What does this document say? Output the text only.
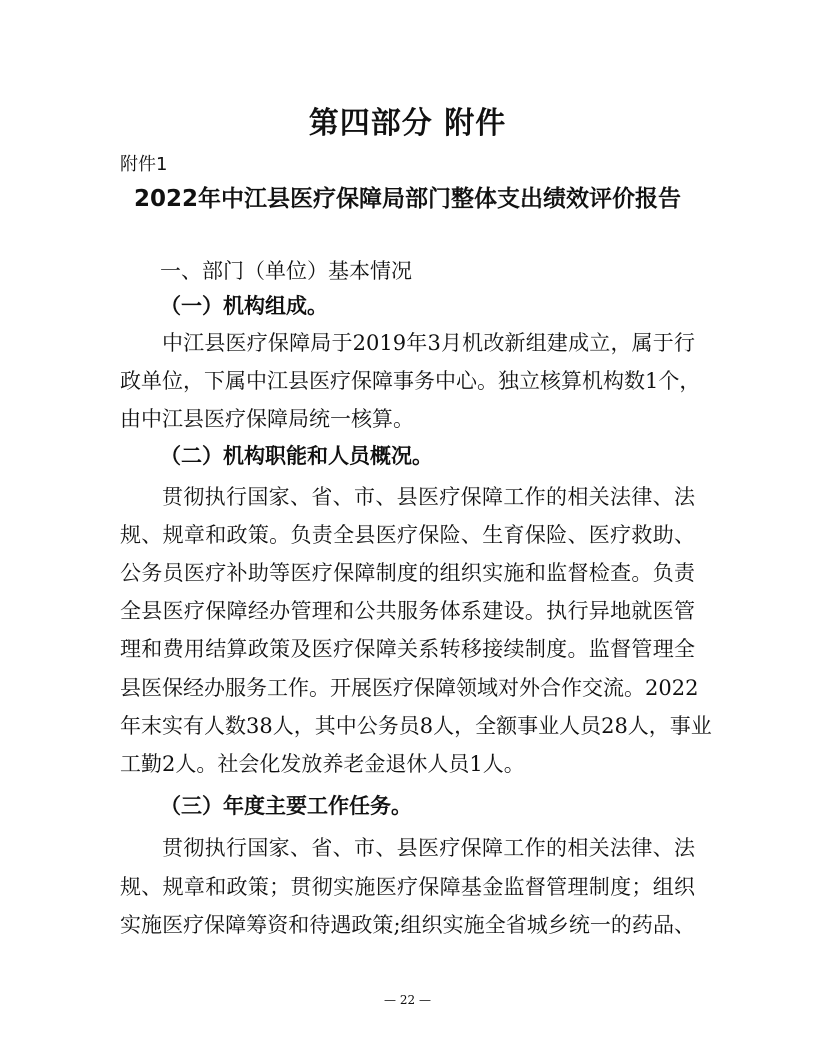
第四部分 附件
附件1
2022年中江县医疗保障局部门整体支出绩效评价报告
一、部门（单位）基本情况
（一）机构组成。

中江县医疗保障局于2019年3月机改新组建成立，属于行

政单位，下属中江县医疗保障事务中心。独立核算机构数1个，

由中江县医疗保障局统一核算。

（二）机构职能和人员概况。

贯彻执行国家、省、市、县医疗保障工作的相关法律、法

规、规章和政策。负责全县医疗保险、生育保险、医疗救助、

公务员医疗补助等医疗保障制度的组织实施和监督检查。负责

全县医疗保障经办管理和公共服务体系建设。执行异地就医管

理和费用结算政策及医疗保障关系转移接续制度。监督管理全

县医保经办服务工作。开展医疗保障领域对外合作交流。2022

年末实有人数38人，其中公务员8人，全额事业人员28人，事业

工勤2人。社会化发放养老金退休人员1人。

（三）年度主要工作任务。

贯彻执行国家、省、市、县医疗保障工作的相关法律、法

规、规章和政策；贯彻实施医疗保障基金监督管理制度；组织

实施医疗保障筹资和待遇政策;组织实施全省城乡统一的药品、

— 22 —
